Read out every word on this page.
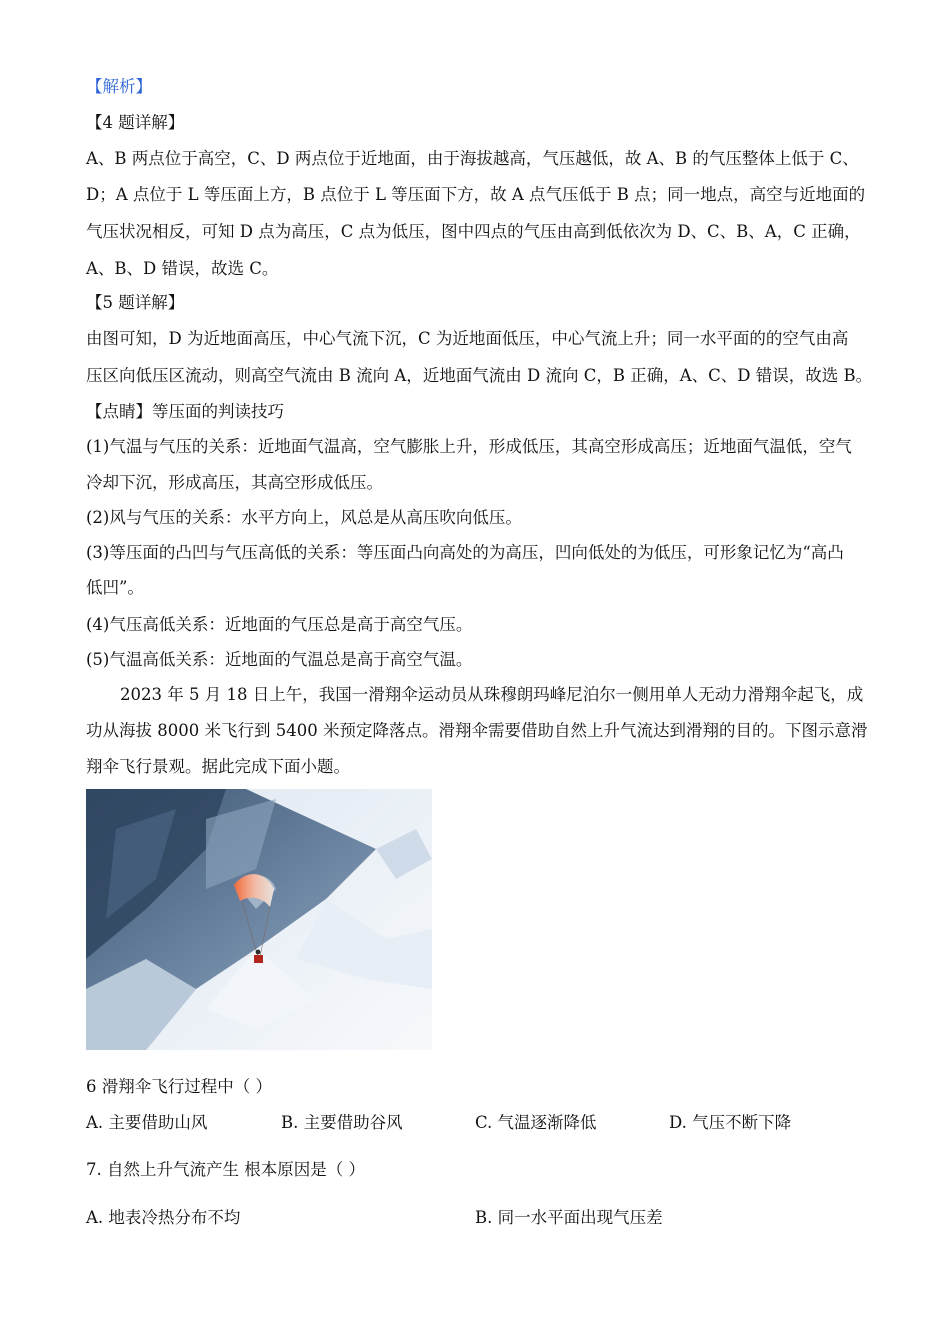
【解析】
【4 题详解】
A、B 两点位于高空，C、D 两点位于近地面，由于海拔越高，气压越低，故 A、B 的气压整体上低于 C、
D；A 点位于 L 等压面上方，B 点位于 L 等压面下方，故 A 点气压低于 B 点；同一地点，高空与近地面的
气压状况相反，可知 D 点为高压，C 点为低压，图中四点的气压由高到低依次为 D、C、B、A，C 正确，
A、B、D 错误，故选 C。
【5 题详解】
由图可知，D 为近地面高压，中心气流下沉，C 为近地面低压，中心气流上升；同一水平面的的空气由高
压区向低压区流动，则高空气流由 B 流向 A，近地面气流由 D 流向 C，B 正确，A、C、D 错误，故选 B。
【点睛】等压面的判读技巧
(1)气温与气压的关系：近地面气温高，空气膨胀上升，形成低压，其高空形成高压；近地面气温低，空气
冷却下沉，形成高压，其高空形成低压。
(2)风与气压的关系：水平方向上，风总是从高压吹向低压。
(3)等压面的凸凹与气压高低的关系：等压面凸向高处的为高压，凹向低处的为低压，可形象记忆为“高凸
低凹”。
(4)气压高低关系：近地面的气压总是高于高空气压。
(5)气温高低关系：近地面的气温总是高于高空气温。
2023 年 5 月 18 日上午，我国一滑翔伞运动员从珠穆朗玛峰尼泊尔一侧用单人无动力滑翔伞起飞，成
功从海拔 8000 米飞行到 5400 米预定降落点。滑翔伞需要借助自然上升气流达到滑翔的目的。下图示意滑
翔伞飞行景观。据此完成下面小题。
6 滑翔伞飞行过程中（ ）
A. 主要借助山风	B. 主要借助谷风	C. 气温逐渐降低	D. 气压不断下降
7. 自然上升气流产生 根本原因是（ ）
A. 地表冷热分布不均	B. 同一水平面出现气压差
